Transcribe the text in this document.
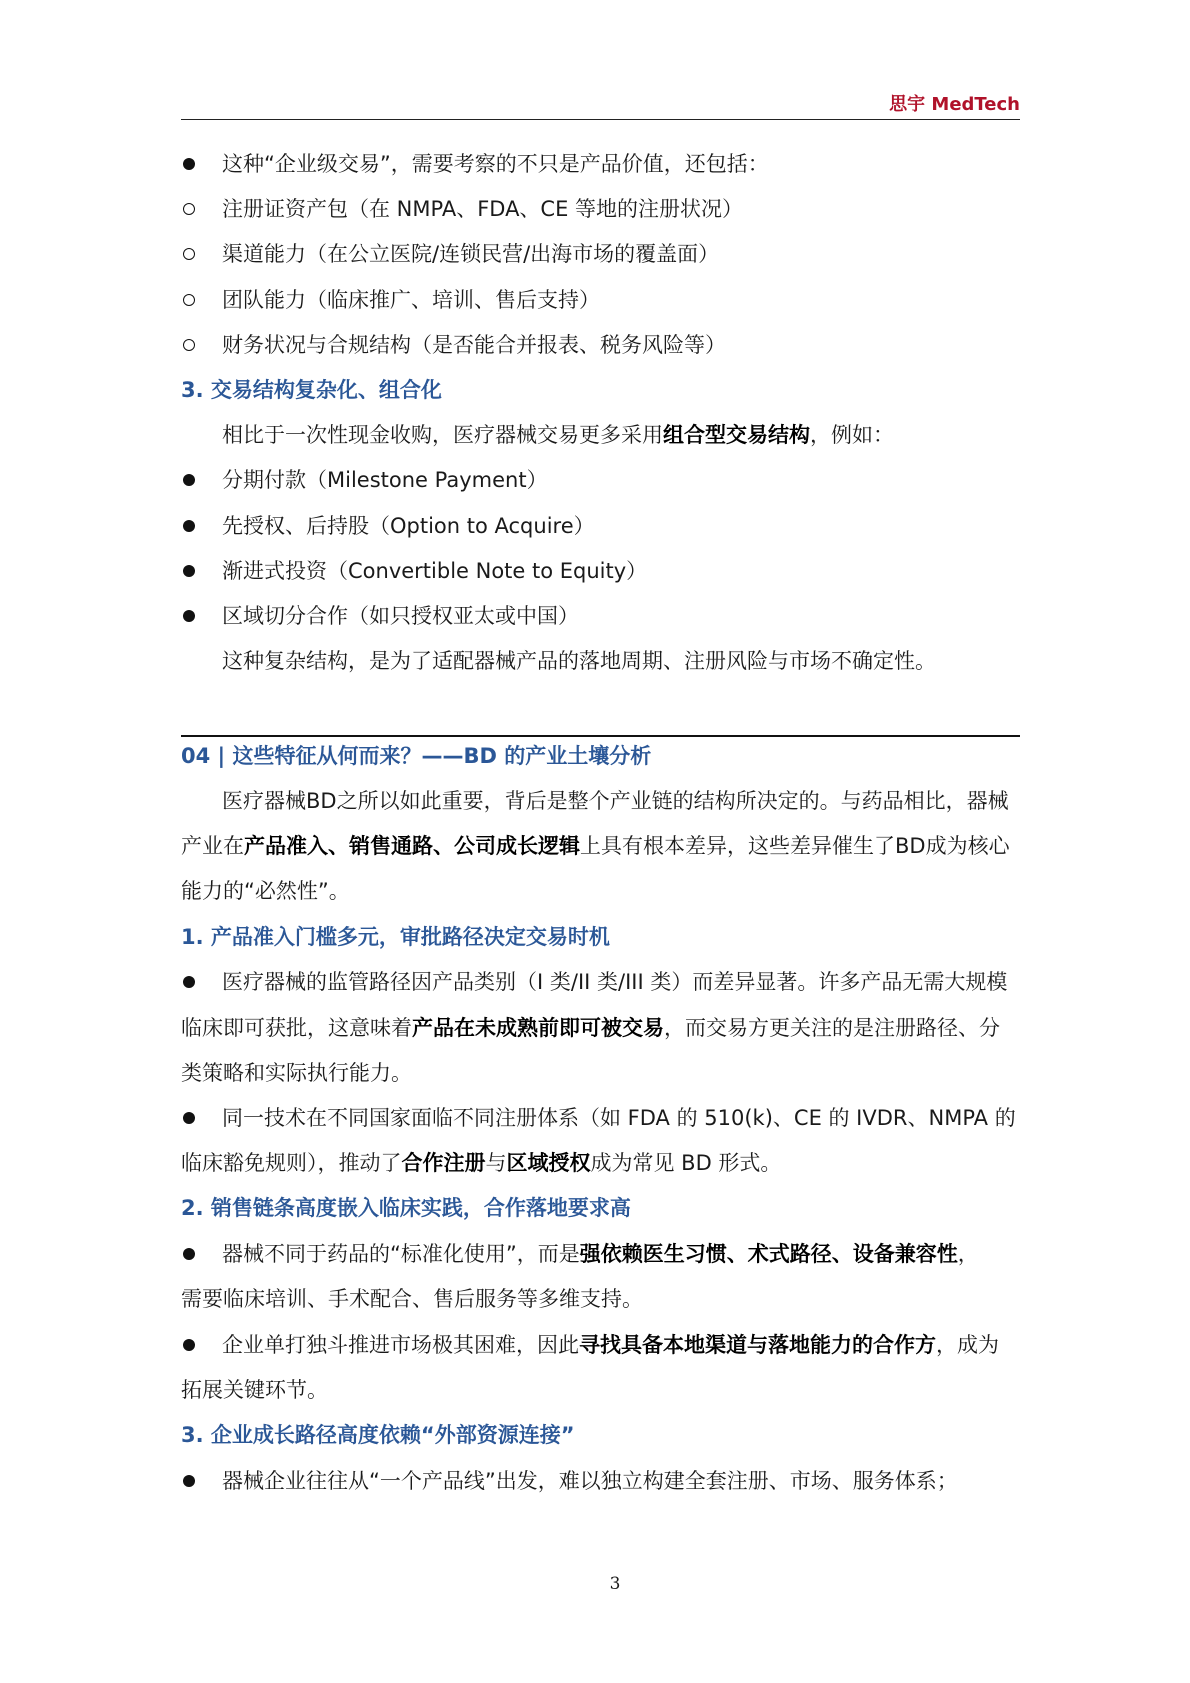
思宇 MedTech
这种“企业级交易”，需要考察的不只是产品价值，还包括：
注册证资产包（在 NMPA、FDA、CE 等地的注册状况）
渠道能力（在公立医院/连锁民营/出海市场的覆盖面）
团队能力（临床推广、培训、售后支持）
财务状况与合规结构（是否能合并报表、税务风险等）
3. 交易结构复杂化、组合化
相比于一次性现金收购，医疗器械交易更多采用组合型交易结构，例如：
分期付款（Milestone Payment）
先授权、后持股（Option to Acquire）
渐进式投资（Convertible Note to Equity）
区域切分合作（如只授权亚太或中国）
这种复杂结构，是为了适配器械产品的落地周期、注册风险与市场不确定性。
04 | 这些特征从何而来？——BD 的产业土壤分析
医疗器械BD之所以如此重要，背后是整个产业链的结构所决定的。与药品相比，器械
产业在产品准入、销售通路、公司成长逻辑上具有根本差异，这些差异催生了BD成为核心
能力的“必然性”。
1. 产品准入门槛多元，审批路径决定交易时机
医疗器械的监管路径因产品类别（I 类/II 类/III 类）而差异显著。许多产品无需大规模
临床即可获批，这意味着产品在未成熟前即可被交易，而交易方更关注的是注册路径、分
类策略和实际执行能力。
同一技术在不同国家面临不同注册体系（如 FDA 的 510(k)、CE 的 IVDR、NMPA 的
临床豁免规则），推动了合作注册与区域授权成为常见 BD 形式。
2. 销售链条高度嵌入临床实践，合作落地要求高
器械不同于药品的“标准化使用”，而是强依赖医生习惯、术式路径、设备兼容性，
需要临床培训、手术配合、售后服务等多维支持。
企业单打独斗推进市场极其困难，因此寻找具备本地渠道与落地能力的合作方，成为
拓展关键环节。
3. 企业成长路径高度依赖“外部资源连接”
器械企业往往从“一个产品线”出发，难以独立构建全套注册、市场、服务体系；
3
